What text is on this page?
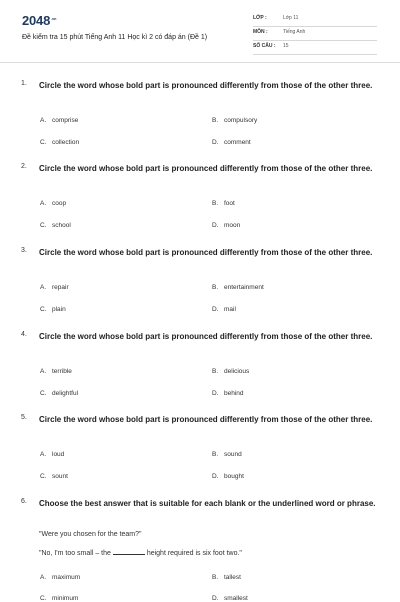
$2048^{.vn}$
Đề kiểm tra 15 phút Tiếng Anh 11 Học kì 2 có đáp án (Đề 1)
LỚP :	Lớp 11
MÔN :	Tiếng Anh
SỐ CÂU : 15
1. Circle the word whose bold part is pronounced differently from those of the other three.
A. comprise	B. compulsory
C. collection	D. comment
2. Circle the word whose bold part is pronounced differently from those of the other three.
A. coop	B. foot
C. school	D. moon
3. Circle the word whose bold part is pronounced differently from those of the other three.
A. repair	B. entertainment
C. plain	D. mail
4. Circle the word whose bold part is pronounced differently from those of the other three.
A. terrible	B. delicious
C. delightful	D. behind
5. Circle the word whose bold part is pronounced differently from those of the other three.
A. loud	B. sound
C. sount	D. bought
6. Choose the best answer that is suitable for each blank or the underlined word or phrase.
"Were you chosen for the team?"
"No, I'm too small – the	height required is six foot two."
A. maximum	B. tallest
C. minimum	D. smallest
